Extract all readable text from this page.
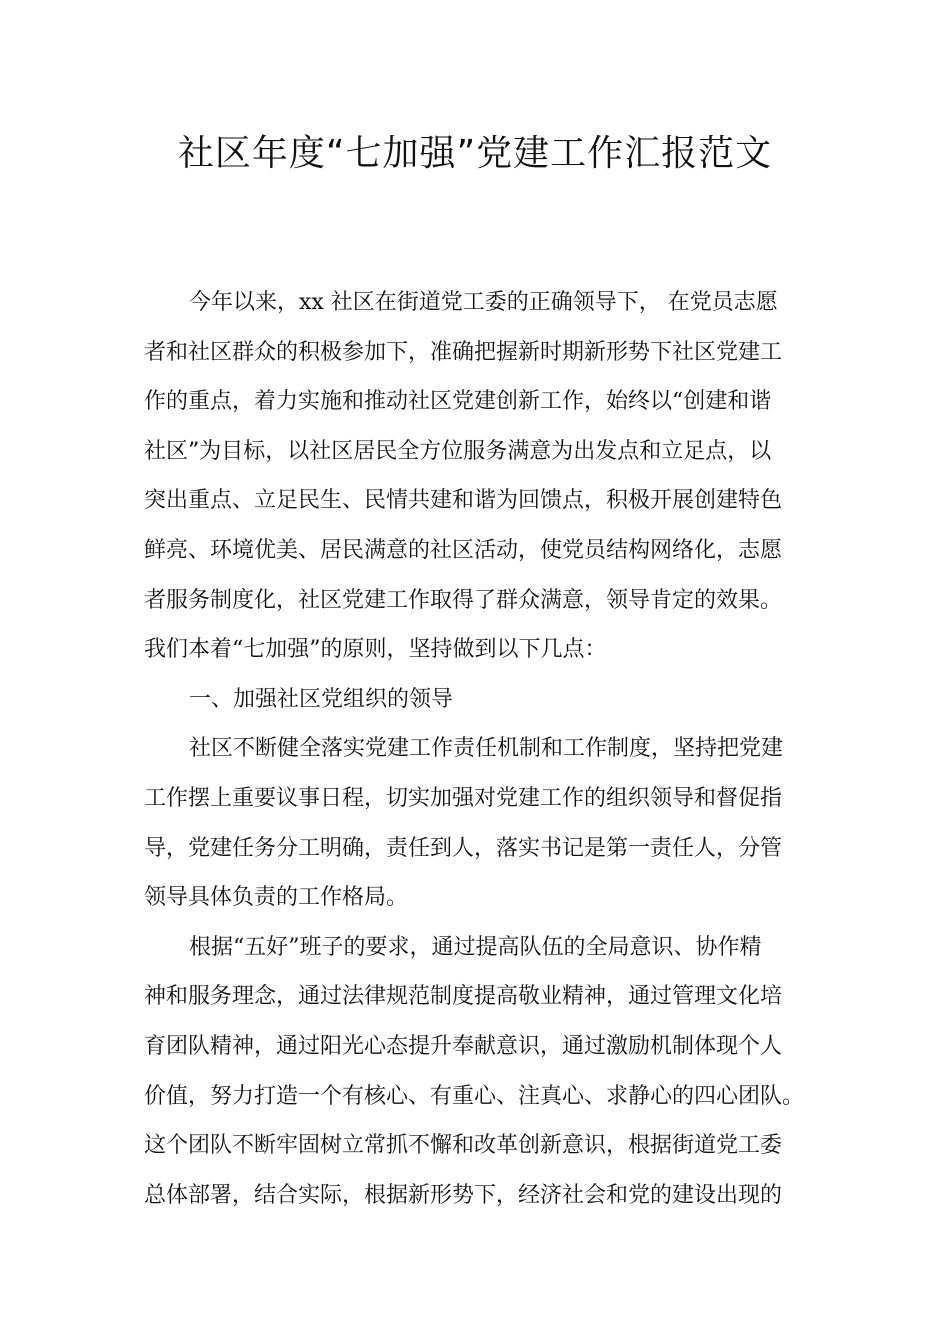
社区年度“七加强”党建工作汇报范文
今年以来，xx 社区在街道党工委的正确领导下， 在党员志愿
者和社区群众的积极参加下，准确把握新时期新形势下社区党建工
作的重点，着力实施和推动社区党建创新工作，始终以“创建和谐
社区”为目标，以社区居民全方位服务满意为出发点和立足点，以
突出重点、立足民生、民情共建和谐为回馈点，积极开展创建特色
鲜亮、环境优美、居民满意的社区活动，使党员结构网络化，志愿
者服务制度化，社区党建工作取得了群众满意，领导肯定的效果。
我们本着“七加强”的原则，坚持做到以下几点：
一、加强社区党组织的领导
社区不断健全落实党建工作责任机制和工作制度，坚持把党建
工作摆上重要议事日程，切实加强对党建工作的组织领导和督促指
导，党建任务分工明确，责任到人，落实书记是第一责任人，分管
领导具体负责的工作格局。
根据“五好”班子的要求，通过提高队伍的全局意识、协作精
神和服务理念，通过法律规范制度提高敬业精神，通过管理文化培
育团队精神，通过阳光心态提升奉献意识，通过激励机制体现个人
价值，努力打造一个有核心、有重心、注真心、求静心的四心团队。
这个团队不断牢固树立常抓不懈和改革创新意识，根据街道党工委
总体部署，结合实际，根据新形势下，经济社会和党的建设出现的
